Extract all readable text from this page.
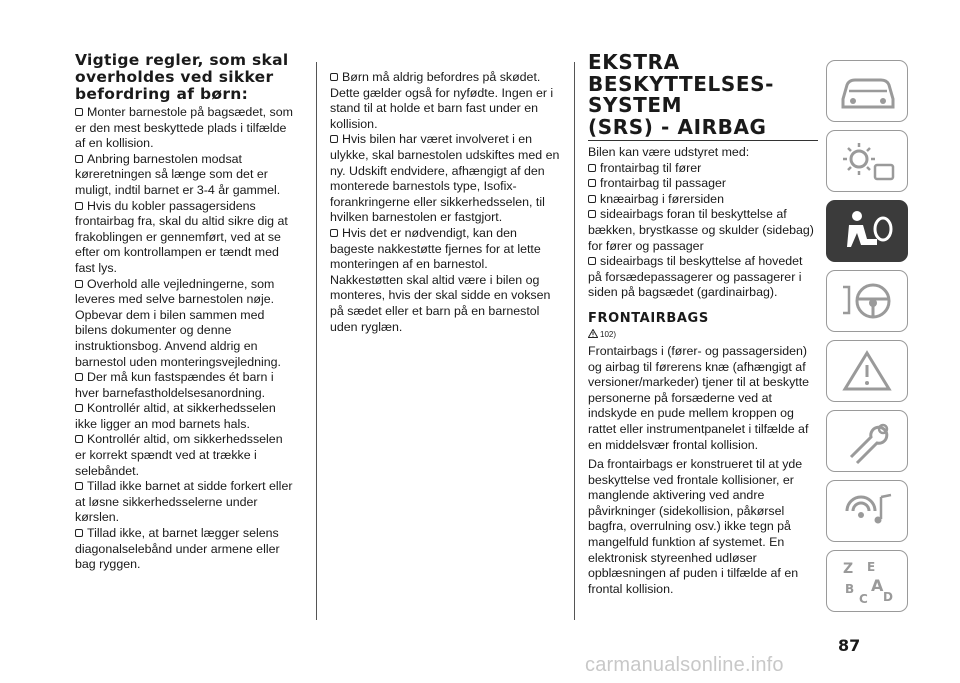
Vigtige regler, som skal
overholdes ved sikker
befordring af børn:

Monter barnestole på bagsædet, som er den mest beskyttede plads i tilfælde af en kollision.

Anbring barnestolen modsat køreretningen så længe som det er muligt, indtil barnet er 3-4 år gammel.

Hvis du kobler passagersidens frontairbag fra, skal du altid sikre dig at frakoblingen er gennemført, ved at se efter om kontrollampen er tændt med fast lys.

Overhold alle vejledningerne, som leveres med selve barnestolen nøje. Opbevar dem i bilen sammen med bilens dokumenter og denne instruktionsbog. Anvend aldrig en barnestol uden monteringsvejledning.

Der må kun fastspændes ét barn i hver barnefastholdelsesanordning.

Kontrollér altid, at sikkerhedsselen ikke ligger an mod barnets hals.

Kontrollér altid, om sikkerhedsselen er korrekt spændt ved at trække i selebåndet.

Tillad ikke barnet at sidde forkert eller at løsne sikkerhedsselerne under kørslen.

Tillad ikke, at barnet lægger selens diagonalselebånd under armene eller bag ryggen.

Børn må aldrig befordres på skødet. Dette gælder også for nyfødte. Ingen er i stand til at holde et barn fast under en kollision.

Hvis bilen har været involveret i en ulykke, skal barnestolen udskiftes med en ny. Udskift endvidere, afhængigt af den monterede barnestols type, Isofix-forankringerne eller sikkerhedsselen, til hvilken barnestolen er fastgjort.

Hvis det er nødvendigt, kan den bageste nakkestøtte fjernes for at lette monteringen af en barnestol. Nakkestøtten skal altid være i bilen og monteres, hvis der skal sidde en voksen på sædet eller et barn på en barnestol uden ryglæn.

EKSTRA
BESKYTTELSES-
SYSTEM
(SRS) - AIRBAG

Bilen kan være udstyret med:

frontairbag til fører

frontairbag til passager

knæairbag i førersiden

sideairbags foran til beskyttelse af bækken, brystkasse og skulder (sidebag) for fører og passager

sideairbags til beskyttelse af hovedet på forsædepassagerer og passagerer i siden på bagsædet (gardinairbag).

FRONTAIRBAGS
102)

Frontairbags i (fører- og passagersiden) og airbag til førerens knæ (afhængigt af versioner/markeder) tjener til at beskytte personerne på forsæderne ved at indskyde en pude mellem kroppen og rattet eller instrumentpanelet i tilfælde af en middelsvær frontal kollision.

Da frontairbags er konstrueret til at yde beskyttelse ved frontale kollisioner, er manglende aktivering ved andre påvirkninger (sidekollision, påkørsel bagfra, overrulning osv.) ikke tegn på mangelfuld funktion af systemet. En elektronisk styreenhed udløser opblæsningen af puden i tilfælde af en frontal kollision.

Z E
B A
C D
87
carmanualsonline.info
